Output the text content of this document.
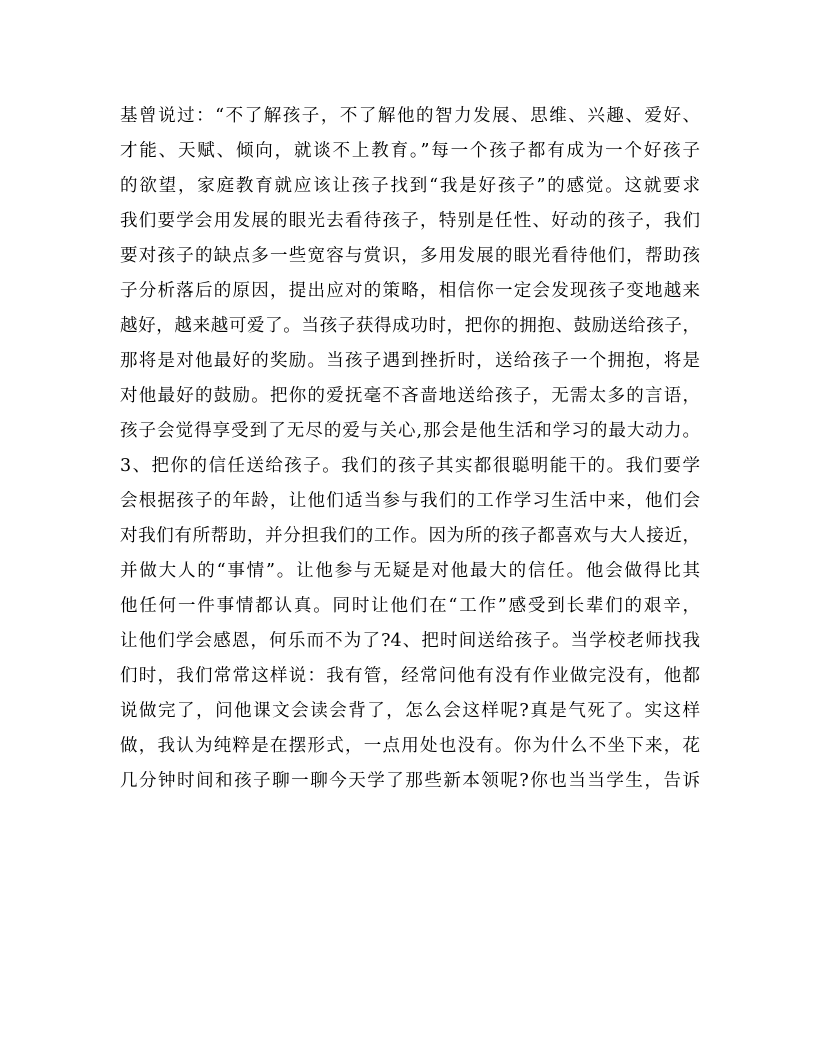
基曾说过：“不了解孩子，不了解他的智力发展、思维、兴趣、爱好、
才能、天赋、倾向，就谈不上教育。”每一个孩子都有成为一个好孩子
的欲望，家庭教育就应该让孩子找到“我是好孩子”的感觉。这就要求
我们要学会用发展的眼光去看待孩子，特别是任性、好动的孩子，我们
要对孩子的缺点多一些宽容与赏识，多用发展的眼光看待他们，帮助孩
子分析落后的原因，提出应对的策略，相信你一定会发现孩子变地越来
越好，越来越可爱了。当孩子获得成功时，把你的拥抱、鼓励送给孩子，
那将是对他最好的奖励。当孩子遇到挫折时，送给孩子一个拥抱，将是
对他最好的鼓励。把你的爱抚毫不吝啬地送给孩子，无需太多的言语，
孩子会觉得享受到了无尽的爱与关心,那会是他生活和学习的最大动力。
3、把你的信任送给孩子。我们的孩子其实都很聪明能干的。我们要学
会根据孩子的年龄，让他们适当参与我们的工作学习生活中来，他们会
对我们有所帮助，并分担我们的工作。因为所的孩子都喜欢与大人接近，
并做大人的“事情”。让他参与无疑是对他最大的信任。他会做得比其
他任何一件事情都认真。同时让他们在“工作”感受到长辈们的艰辛，
让他们学会感恩，何乐而不为了?4、把时间送给孩子。当学校老师找我
们时，我们常常这样说：我有管，经常问他有没有作业做完没有，他都
说做完了，问他课文会读会背了，怎么会这样呢?真是气死了。实这样
做，我认为纯粹是在摆形式，一点用处也没有。你为什么不坐下来，花
几分钟时间和孩子聊一聊今天学了那些新本领呢?你也当当学生，告诉
